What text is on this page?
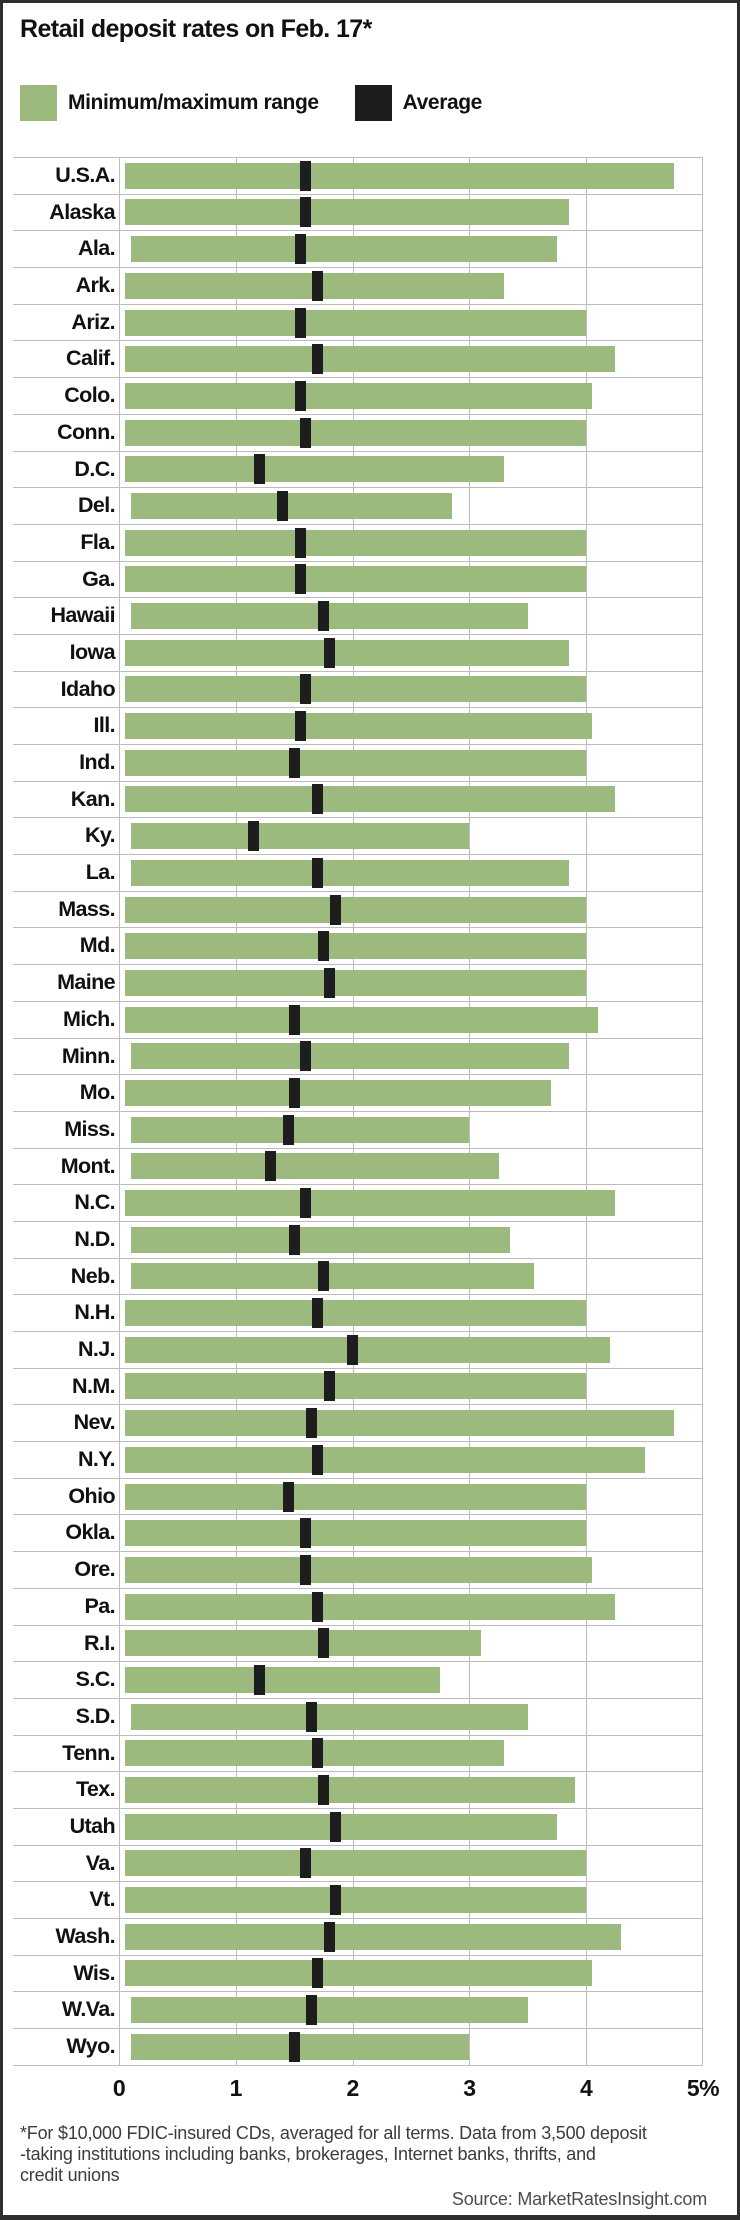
Retail deposit rates on Feb. 17*
Minimum/maximum range	Average
U.S.A.
Alaska
Ala.
Ark.
Ariz.
Calif.
Colo.
Conn.
D.C.
Del.
Fla.
Ga.
Hawaii
Iowa
Idaho
Ill.
Ind.
Kan.
Ky.
La.
Mass.
Md.
Maine
Mich.
Minn.
Mo.
Miss.
Mont.
N.C.
N.D.
Neb.
N.H.
N.J.
N.M.
Nev.
N.Y.
Ohio
Okla.
Ore.
Pa.
R.I.
S.C.
S.D.
Tenn.
Tex.
Utah
Va.
Vt.
Wash.
Wis.
W.Va.
Wyo.
0	1	2	3	4	5%
*For $10,000 FDIC-insured CDs, averaged for all terms. Data from 3,500 deposit
-taking institutions including banks, brokerages, Internet banks, thrifts, and
credit unions
Source: MarketRatesInsight.com
